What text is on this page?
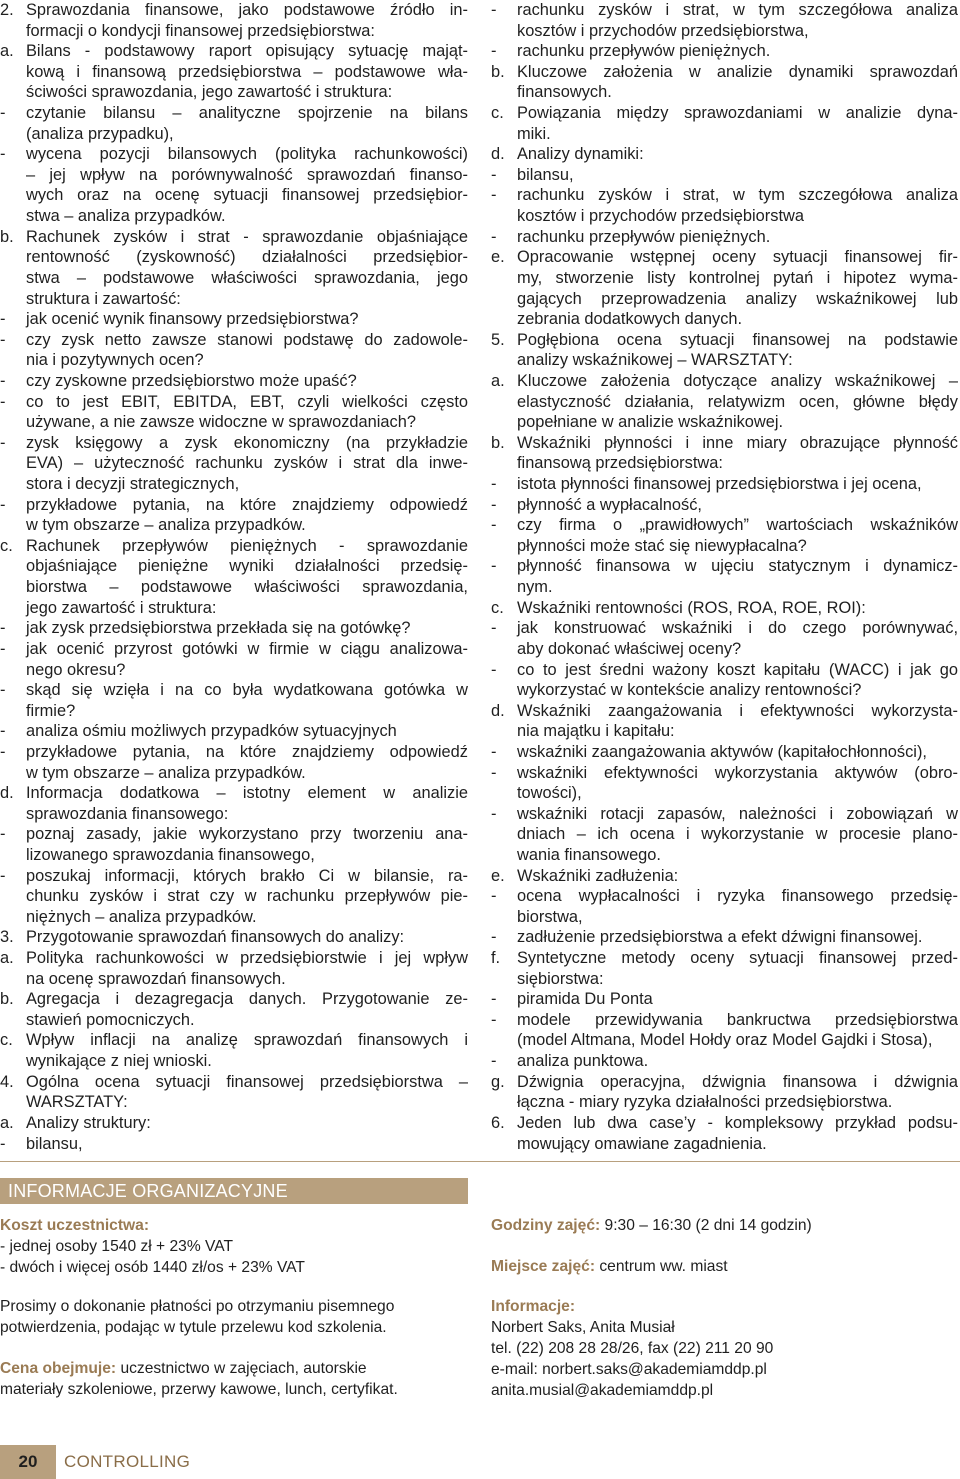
2. Sprawozdania finansowe, jako podstawowe źródło in-
formacji o kondycji finansowej przedsiębiorstwa:
a. Bilans - podstawowy raport opisujący sytuację mająt-
kową i finansową przedsiębiorstwa – podstawowe wła-
ściwości sprawozdania, jego zawartość i struktura:
-	czytanie bilansu – analityczne spojrzenie na bilans
(analiza przypadku),
-	wycena pozycji bilansowych (polityka rachunkowości)
– jej wpływ na porównywalność sprawozdań finanso-
wych oraz na ocenę sytuacji finansowej przedsiębior-
stwa – analiza przypadków.
b. Rachunek zysków i strat - sprawozdanie objaśniające
rentowność (zyskowność) działalności przedsiębior-
stwa – podstawowe właściwości sprawozdania, jego
struktura i zawartość:
-	jak ocenić wynik finansowy przedsiębiorstwa?
-	czy zysk netto zawsze stanowi podstawę do zadowole-
nia i pozytywnych ocen?
-	czy zyskowne przedsiębiorstwo może upaść?
-	co to jest EBIT, EBITDA, EBT, czyli wielkości często
używane, a nie zawsze widoczne w sprawozdaniach?
-	zysk księgowy a zysk ekonomiczny (na przykładzie
EVA) – użyteczność rachunku zysków i strat dla inwe-
stora i decyzji strategicznych,
-	przykładowe pytania, na które znajdziemy odpowiedź
w tym obszarze – analiza przypadków.
c. Rachunek przepływów pieniężnych - sprawozdanie
objaśniające pieniężne wyniki działalności przedsię-
biorstwa – podstawowe właściwości sprawozdania,
jego zawartość i struktura:
-	jak zysk przedsiębiorstwa przekłada się na gotówkę?
-	jak ocenić przyrost gotówki w firmie w ciągu analizowa-
nego okresu?
-	skąd się wzięła i na co była wydatkowana gotówka w
firmie?
-	analiza ośmiu możliwych przypadków sytuacyjnych
-	przykładowe pytania, na które znajdziemy odpowiedź
w tym obszarze – analiza przypadków.
d. Informacja dodatkowa – istotny element w analizie
sprawozdania finansowego:
-	poznaj zasady, jakie wykorzystano przy tworzeniu ana-
lizowanego sprawozdania finansowego,
-	poszukaj informacji, których brakło Ci w bilansie, ra-
chunku zysków i strat czy w rachunku przepływów pie-
niężnych – analiza przypadków.
3. Przygotowanie sprawozdań finansowych do analizy:
a. Polityka rachunkowości w przedsiębiorstwie i jej wpływ
na ocenę sprawozdań finansowych.
b. Agregacja i dezagregacja danych. Przygotowanie ze-
stawień pomocniczych.
c. Wpływ inflacji na analizę sprawozdań finansowych i
wynikające z niej wnioski.
4. Ogólna ocena sytuacji finansowej przedsiębiorstwa –
WARSZTATY:
a. Analizy struktury:
-	bilansu,
-	rachunku zysków i strat, w tym szczegółowa analiza
kosztów i przychodów przedsiębiorstwa,
-	rachunku przepływów pieniężnych.
b. Kluczowe założenia w analizie dynamiki sprawozdań
finansowych.
c. Powiązania między sprawozdaniami w analizie dyna-
miki.
d. Analizy dynamiki:
-	bilansu,
-	rachunku zysków i strat, w tym szczegółowa analiza
kosztów i przychodów przedsiębiorstwa
-	rachunku przepływów pieniężnych.
e. Opracowanie wstępnej oceny sytuacji finansowej fir-
my, stworzenie listy kontrolnej pytań i hipotez wyma-
gających przeprowadzenia analizy wskaźnikowej lub
zebrania dodatkowych danych.
5. Pogłębiona ocena sytuacji finansowej na podstawie
analizy wskaźnikowej – WARSZTATY:
a. Kluczowe założenia dotyczące analizy wskaźnikowej –
elastyczność działania, relatywizm ocen, główne błędy
popełniane w analizie wskaźnikowej.
b. Wskaźniki płynności i inne miary obrazujące płynność
finansową przedsiębiorstwa:
-	istota płynności finansowej przedsiębiorstwa i jej ocena,
-	płynność a wypłacalność,
-	czy firma o „prawidłowych” wartościach wskaźników
płynności może stać się niewypłacalna?
-	płynność finansowa w ujęciu statycznym i dynamicz-
nym.
c. Wskaźniki rentowności (ROS, ROA, ROE, ROI):
-	jak konstruować wskaźniki i do czego porównywać,
aby dokonać właściwej oceny?
-	co to jest średni ważony koszt kapitału (WACC) i jak go
wykorzystać w kontekście analizy rentowności?
d. Wskaźniki zaangażowania i efektywności wykorzysta-
nia majątku i kapitału:
-	wskaźniki zaangażowania aktywów (kapitałochłonności),
-	wskaźniki efektywności wykorzystania aktywów (obro-
towości),
-	wskaźniki rotacji zapasów, należności i zobowiązań w
dniach – ich ocena i wykorzystanie w procesie plano-
wania finansowego.
e. Wskaźniki zadłużenia:
-	ocena wypłacalności i ryzyka finansowego przedsię-
biorstwa,
-	zadłużenie przedsiębiorstwa a efekt dźwigni finansowej.
f.	Syntetyczne metody oceny sytuacji finansowej przed-
siębiorstwa:
-	piramida Du Ponta
-	modele przewidywania bankructwa przedsiębiorstwa
(model Altmana, Model Hołdy oraz Model Gajdki i Stosa),
-	analiza punktowa.
g. Dźwignia operacyjna, dźwignia finansowa i dźwignia
łączna - miary ryzyka działalności przedsiębiorstwa.
6. Jeden lub dwa case’y - kompleksowy przykład podsu-
mowujący omawiane zagadnienia.
INFORMACJE ORGANIZACYJNE
Koszt uczestnictwa:
- jednej osoby 1540 zł + 23% VAT
- dwóch i więcej osób 1440 zł/os + 23% VAT
Prosimy o dokonanie płatności po otrzymaniu pisemnego
potwierdzenia, podając w tytule przelewu kod szkolenia.
Cena obejmuje: uczestnictwo w zajęciach, autorskie
materiały szkoleniowe, przerwy kawowe, lunch, certyfikat.
Godziny zajęć: 9:30 – 16:30 (2 dni 14 godzin)
Miejsce zajęć: centrum ww. miast
Informacje:
Norbert Saks, Anita Musiał
tel. (22) 208 28 28/26, fax (22) 211 20 90
e-mail: norbert.saks@akademiamddp.pl
anita.musial@akademiamddp.pl
20	CONTROLLING
